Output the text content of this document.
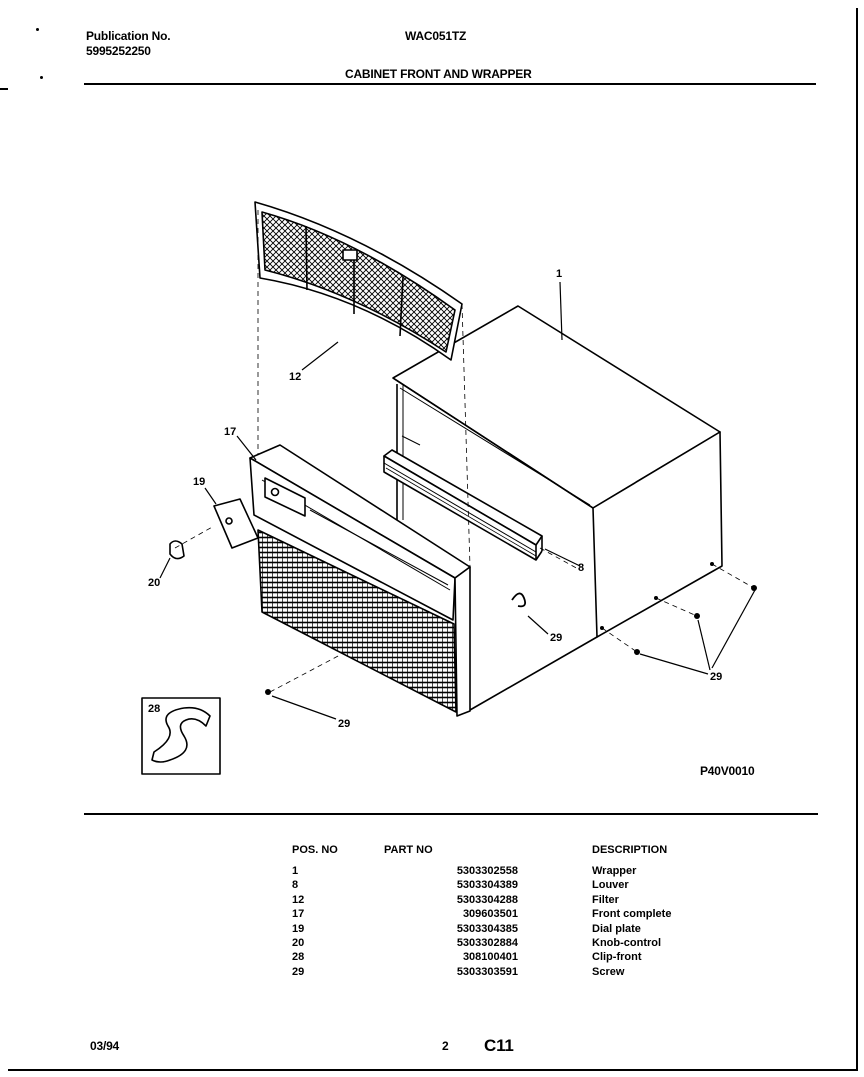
Publication No.
5995252250
WAC051TZ
CABINET FRONT AND WRAPPER
1
12
17
19
20
8
29
29
28
29
P40V0010
POS. NO	PART NO	DESCRIPTION
1	5303302558	Wrapper
8	5303304389	Louver
12	5303304288	Filter
17	309603501	Front complete
19	5303304385	Dial plate
20	5303302884	Knob-control
28	308100401	Clip-front
29	5303303591	Screw
03/94	2 C11
